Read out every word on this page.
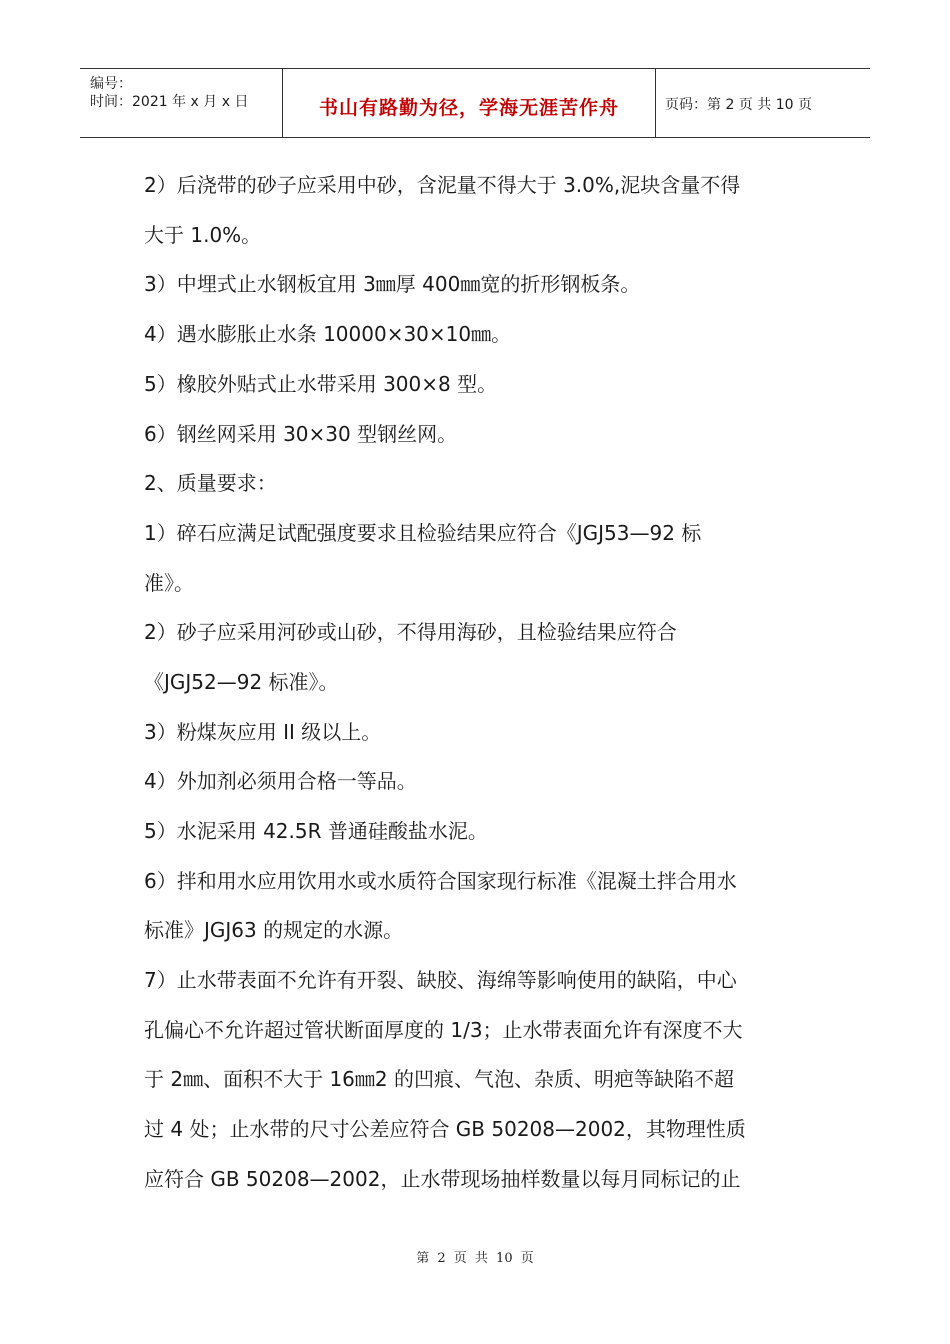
编号：
时间：2021 年 x 月 x 日	书山有路勤为径，学海无涯苦作舟	页码：第 2 页 共 10 页
2）后浇带的砂子应采用中砂，含泥量不得大于 3.0%,泥块含量不得
大于 1.0%。
3）中埋式止水钢板宜用 3㎜厚 400㎜宽的折形钢板条。
4）遇水膨胀止水条 10000×30×10㎜。
5）橡胶外贴式止水带采用 300×8 型。
6）钢丝网采用 30×30 型钢丝网。
2、质量要求：
1）碎石应满足试配强度要求且检验结果应符合《JGJ53—92 标
准》。
2）砂子应采用河砂或山砂，不得用海砂，且检验结果应符合
《JGJ52—92 标准》。
3）粉煤灰应用 II 级以上。
4）外加剂必须用合格一等品。
5）水泥采用 42.5R 普通硅酸盐水泥。
6）拌和用水应用饮用水或水质符合国家现行标准《混凝土拌合用水
标准》JGJ63 的规定的水源。
7）止水带表面不允许有开裂、缺胶、海绵等影响使用的缺陷，中心
孔偏心不允许超过管状断面厚度的 1/3；止水带表面允许有深度不大
于 2㎜、面积不大于 16㎜2 的凹痕、气泡、杂质、明疤等缺陷不超
过 4 处；止水带的尺寸公差应符合 GB 50208—2002，其物理性质
应符合 GB 50208—2002，止水带现场抽样数量以每月同标记的止
第 2 页 共 10 页
